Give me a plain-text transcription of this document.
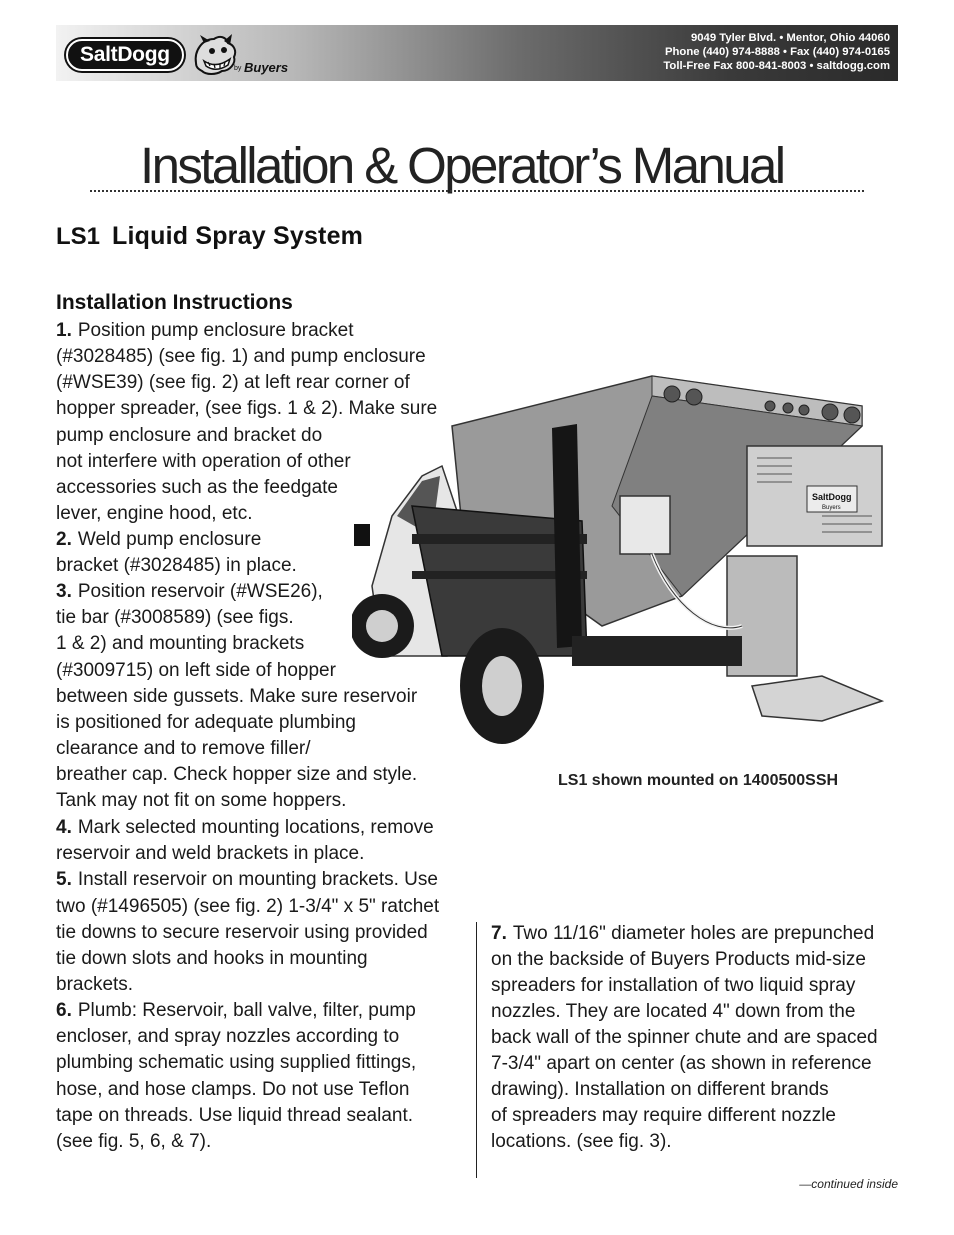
SaltDogg
by Buyers
9049 Tyler Blvd. • Mentor, Ohio 44060
Phone (440) 974-8888 • Fax (440) 974-0165
Toll-Free Fax 800-841-8003 • saltdogg.com
Installation & Operator’s Manual
LS1 Liquid Spray System
Installation Instructions
1. Position pump enclosure bracket
(#3028485) (see fig. 1) and pump enclosure
(#WSE39) (see fig. 2) at left rear corner of
hopper spreader, (see figs. 1 & 2). Make sure
pump enclosure and bracket do
not interfere with operation of other
accessories such as the feedgate
lever, engine hood, etc.
2. Weld pump enclosure
bracket (#3028485) in place.
3. Position reservoir (#WSE26),
tie bar (#3008589) (see figs.
1 & 2) and mounting brackets
(#3009715) on left side of hopper
between side gussets. Make sure reservoir
is positioned for adequate plumbing
clearance and to remove filler/
breather cap. Check hopper size and style.
Tank may not fit on some hoppers.
4. Mark selected mounting locations, remove
reservoir and weld brackets in place.
5. Install reservoir on mounting brackets. Use
two (#1496505) (see fig. 2) 1-3/4" x 5" ratchet
tie downs to secure reservoir using provided
tie down slots and hooks in mounting
brackets.
6. Plumb: Reservoir, ball valve, filter, pump
encloser, and spray nozzles according to
plumbing schematic using supplied fittings,
hose, and hose clamps. Do not use Teflon
tape on threads. Use liquid thread sealant.
(see fig. 5, 6, & 7).
SaltDogg
Buyers
LS1 shown mounted on 1400500SSH
7. Two 11/16" diameter holes are prepunched
on the backside of Buyers Products mid-size
spreaders for installation of two liquid spray
nozzles. They are located 4" down from the
back wall of the spinner chute and are spaced
7-3/4" apart on center (as shown in reference
drawing). Installation on different brands
of spreaders may require different nozzle
locations. (see fig. 3).
—continued inside
